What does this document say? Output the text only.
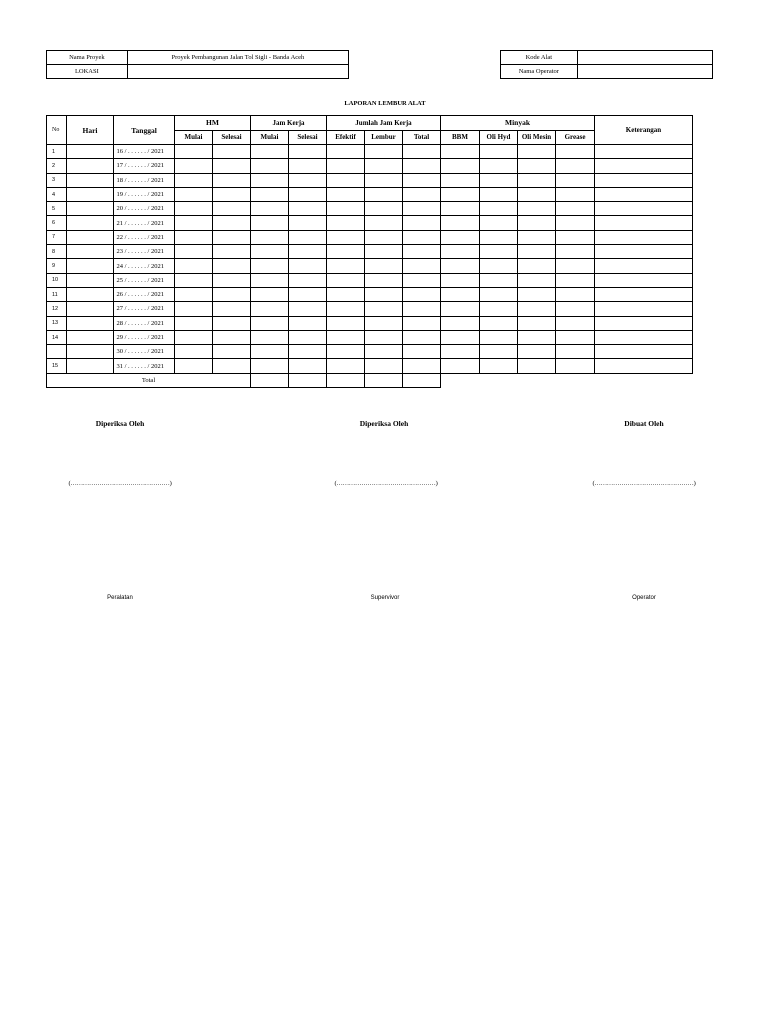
Nama Proyek	Proyek Pembangunan Jalan Tol Sigli - Banda Aceh
LOKASI	
Kode Alat	
Nama Operator	
LAPORAN LEMBUR ALAT
No	Hari	Tanggal	HM		Jam Kerja		Jumlah Jam Kerja			Minyak				Keterangan
			Mulai	Selesai	Mulai	Selesai	Efektif	Lembur	Total	BBM	Oli Hyd	Oli Mesin	Grease	
1		16 / . . . . . . / 2021												
2		17 / . . . . . . / 2021												
3		18 / . . . . . . / 2021												
4		19 / . . . . . . / 2021												
5		20 / . . . . . . / 2021												
6		21 / . . . . . . / 2021												
7		22 / . . . . . . / 2021												
8		23 / . . . . . . / 2021												
9		24 / . . . . . . / 2021												
10		25 / . . . . . . / 2021												
11		26 / . . . . . . / 2021												
12		27 / . . . . . . / 2021												
13		28 / . . . . . . / 2021												
14		29 / . . . . . . / 2021												
		30 / . . . . . . / 2021												
15		31 / . . . . . . / 2021												
Total														
Diperiksa Oleh	Diperiksa Oleh	Dibuat Oleh
(…………………………………………)	(…………………………………………)	(…………………………………………)
Peralatan	Supervivor	Operator
